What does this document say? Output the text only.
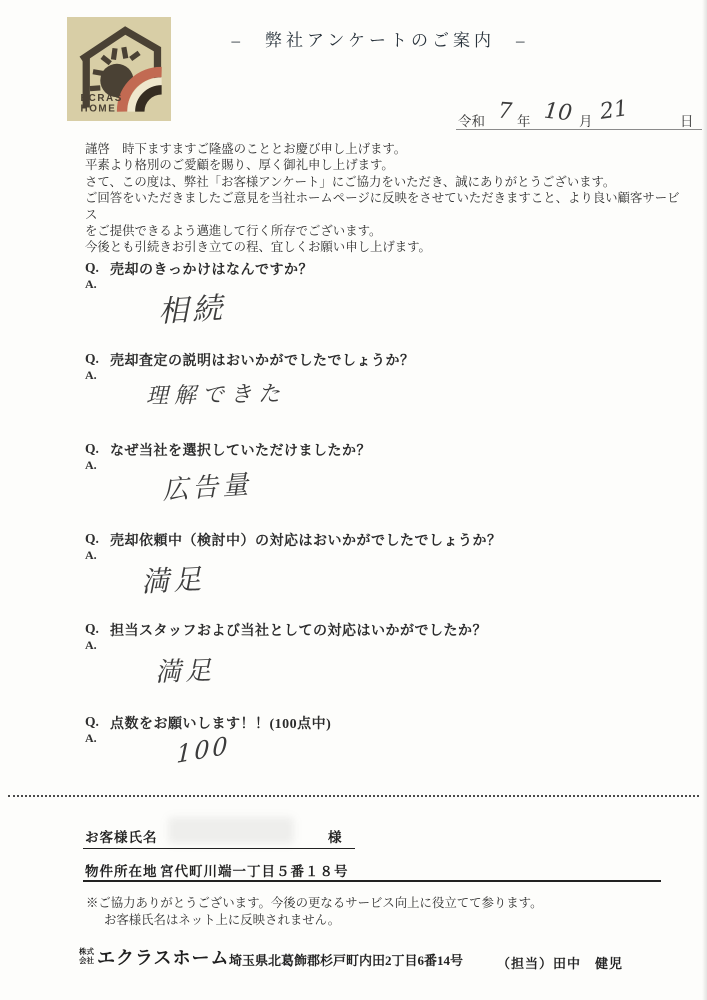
ECRAS
HOME
–　弊社アンケートのご案内　–
令和 7 年 10 月 21	日
謹啓　時下ますますご隆盛のこととお慶び申し上げます。
平素より格別のご愛顧を賜り、厚く御礼申し上げます。
さて、この度は、弊社「お客様アンケート」にご協力をいただき、誠にありがとうございます。
ご回答をいただきましたご意見を当社ホームページに反映をさせていただきますこと、より良い顧客サービス
をご提供できるよう邁進して行く所存でございます。
今後とも引続きお引き立ての程、宜しくお願い申し上げます。
Q. 売却のきっかけはなんですか？
A.
相続
Q. 売却査定の説明はおいかがでしたでしょうか？
A.
理解できた
Q. なぜ当社を選択していただけましたか？
A.
広告量
Q. 売却依頼中（検討中）の対応はおいかがでしたでしょうか？
A.
満足
Q. 担当スタッフおよび当社としての対応はいかがでしたか？
A.
満足
Q. 点数をお願いします！！(100点中)
A.	100
お客様氏名	様
物件所在地 宮代町川端一丁目５番１８号
※ご協力ありがとうございます。今後の更なるサービス向上に役立てて参ります。
お客様氏名はネット上に反映されません。
株式
会社 エクラスホーム 埼玉県北葛飾郡杉戸町内田2丁目6番14号	（担当）田中　健児
